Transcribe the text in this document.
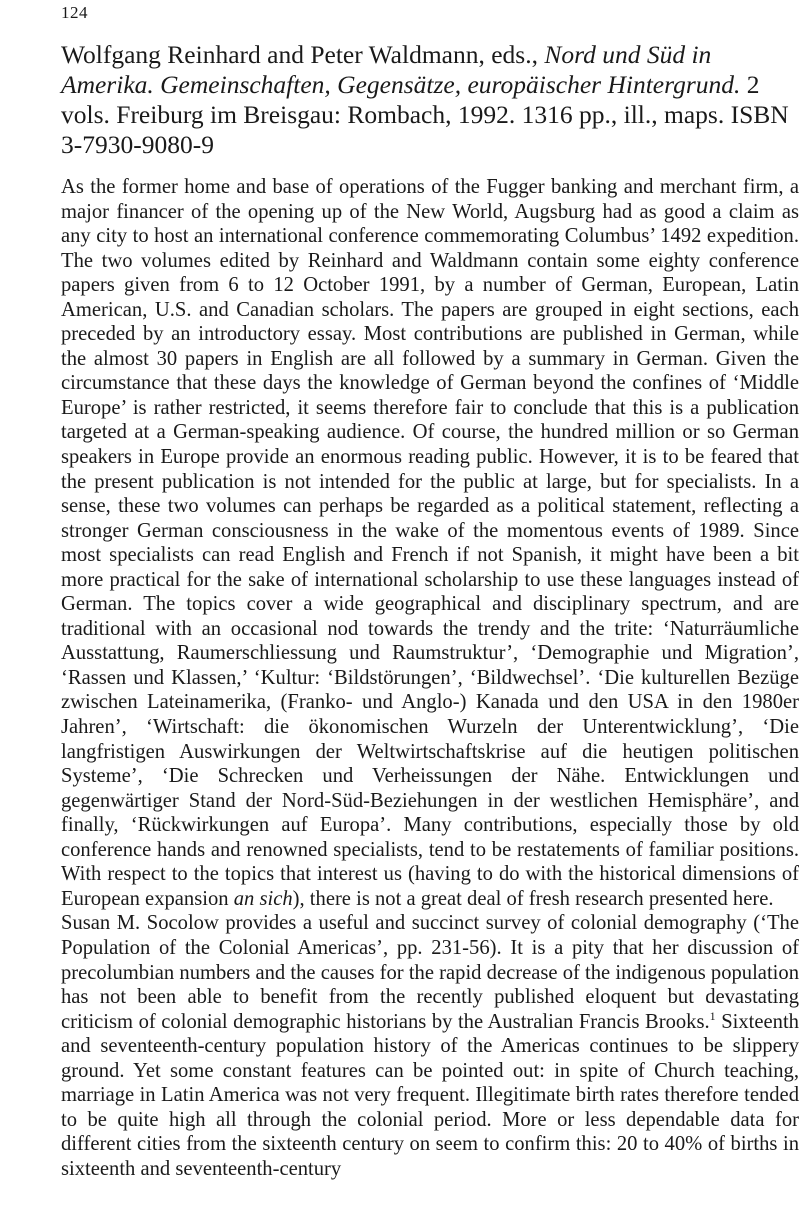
124
Wolfgang Reinhard and Peter Waldmann, eds., Nord und Süd in Amerika. Gemeinschaften, Gegensätze, europäischer Hintergrund. 2 vols. Freiburg im Breisgau: Rombach, 1992. 1316 pp., ill., maps. ISBN 3-7930-9080-9

As the former home and base of operations of the Fugger banking and merchant firm, a major financer of the opening up of the New World, Augsburg had as good a claim as any city to host an international conference commemorating Columbus’ 1492 expedition. The two volumes edited by Reinhard and Waldmann contain some eighty conference papers given from 6 to 12 October 1991, by a number of German, European, Latin American, U.S. and Canadian scholars. The papers are grouped in eight sections, each preceded by an introductory essay. Most contributions are published in German, while the almost 30 papers in English are all followed by a summary in German. Given the circumstance that these days the knowledge of German beyond the confines of ‘Middle Europe’ is rather restricted, it seems therefore fair to conclude that this is a publication targeted at a German-speaking audience. Of course, the hundred million or so German speakers in Europe provide an enormous reading public. However, it is to be feared that the present publication is not intended for the public at large, but for specialists. In a sense, these two volumes can perhaps be regarded as a political statement, reflecting a stronger German consciousness in the wake of the momentous events of 1989. Since most specialists can read English and French if not Spanish, it might have been a bit more practical for the sake of international scholarship to use these languages instead of German. The topics cover a wide geographical and disciplinary spectrum, and are traditional with an occasional nod towards the trendy and the trite: ‘Naturräumliche Ausstattung, Raumerschliessung und Raumstruktur’, ‘Demographie und Migration’, ‘Rassen und Klassen,’ ‘Kultur: ‘Bildstörungen’, ‘Bildwechsel’. ‘Die kulturellen Bezüge zwischen Lateinamerika, (Franko- und Anglo-) Kanada und den USA in den 1980er Jahren’, ‘Wirtschaft: die ökonomischen Wurzeln der Unterentwicklung’, ‘Die langfristigen Auswirkungen der Weltwirtschaftskrise auf die heutigen politischen Systeme’, ‘Die Schrecken und Verheissungen der Nähe. Entwicklungen und gegenwärtiger Stand der Nord-Süd-Beziehungen in der westlichen Hemisphäre’, and finally, ‘Rückwirkungen auf Europa’. Many contributions, especially those by old conference hands and renowned specialists, tend to be restatements of familiar positions. With respect to the topics that interest us (having to do with the historical dimensions of European expansion an sich), there is not a great deal of fresh research presented here.

Susan M. Socolow provides a useful and succinct survey of colonial demography (‘The Population of the Colonial Americas’, pp. 231-56). It is a pity that her discussion of precolumbian numbers and the causes for the rapid decrease of the indigenous population has not been able to benefit from the recently published eloquent but devastating criticism of colonial demographic historians by the Australian Francis Brooks.$^1$ Sixteenth and seventeenth-century population history of the Americas continues to be slippery ground. Yet some constant features can be pointed out: in spite of Church teaching, marriage in Latin America was not very frequent. Illegitimate birth rates therefore tended to be quite high all through the colonial period. More or less dependable data for different cities from the sixteenth century on seem to confirm this: 20 to 40% of births in sixteenth and seventeenth-century
